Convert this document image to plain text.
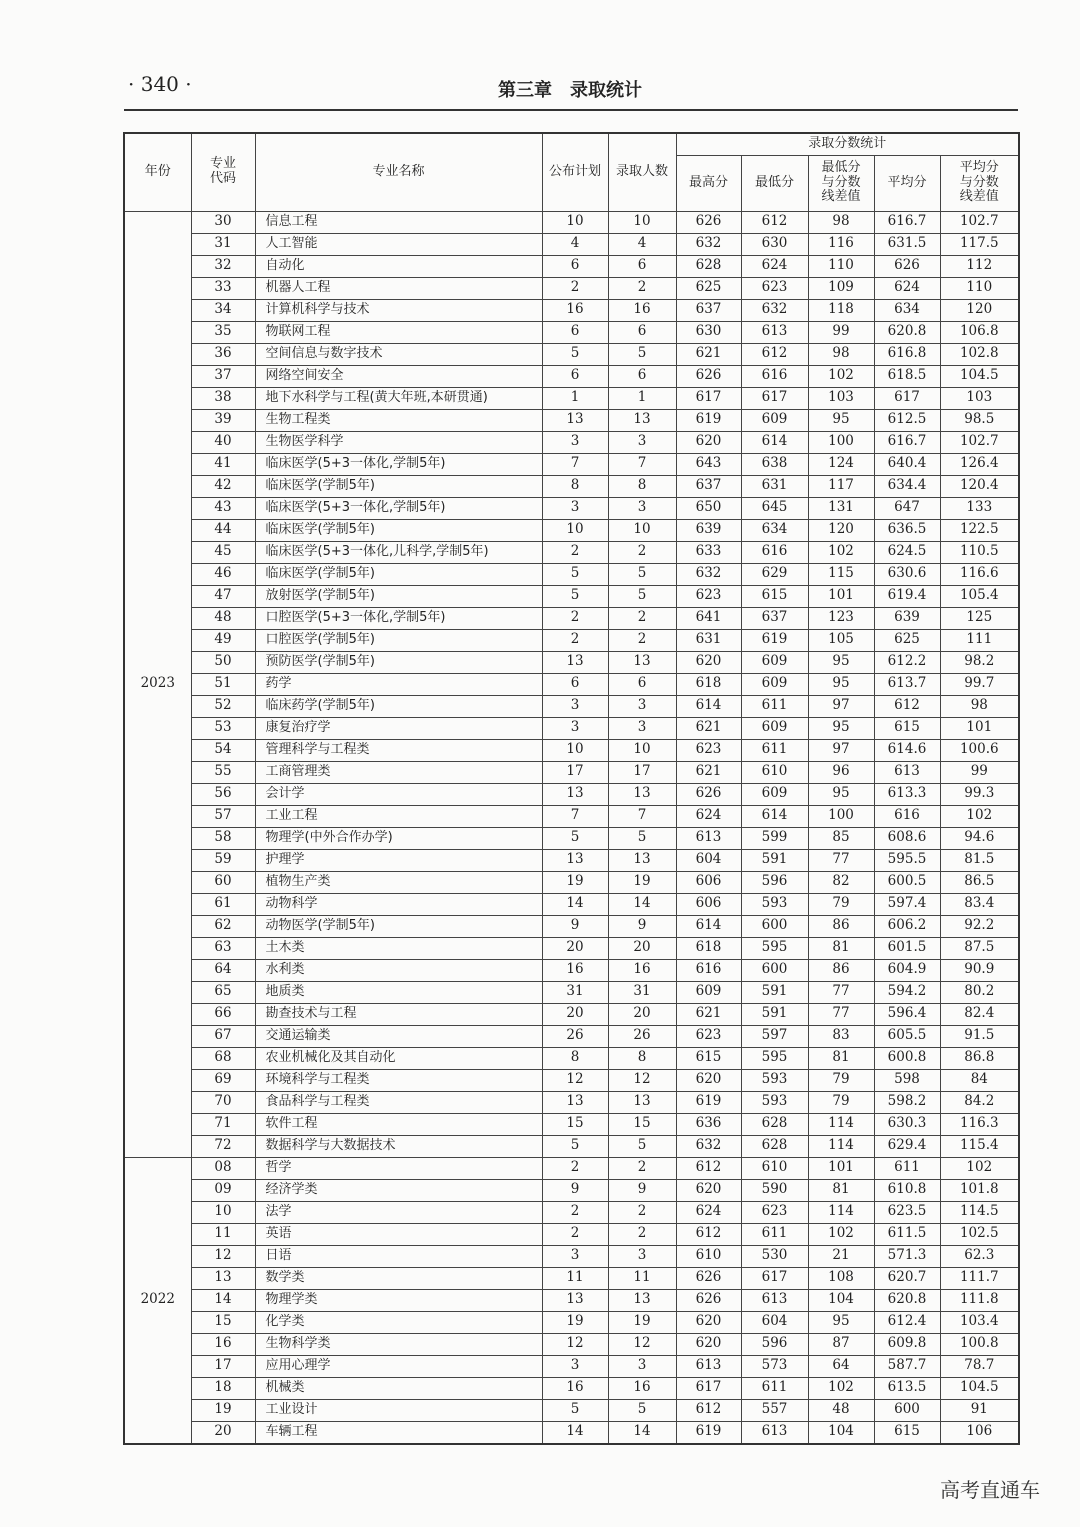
· 340 ·	第三章　录取统计
年份	专业代码	专业名称	公布计划	录取人数	录取分数统计				
					最高分	最低分	最低分与分数线差值	平均分	平均分与分数线差值
2023	30	信息工程	10	10	626	612	98	616.7	102.7
	31	人工智能	4	4	632	630	116	631.5	117.5
	32	自动化	6	6	628	624	110	626	112
	33	机器人工程	2	2	625	623	109	624	110
	34	计算机科学与技术	16	16	637	632	118	634	120
	35	物联网工程	6	6	630	613	99	620.8	106.8
	36	空间信息与数字技术	5	5	621	612	98	616.8	102.8
	37	网络空间安全	6	6	626	616	102	618.5	104.5
	38	地下水科学与工程(黄大年班,本研贯通)	1	1	617	617	103	617	103
	39	生物工程类	13	13	619	609	95	612.5	98.5
	40	生物医学科学	3	3	620	614	100	616.7	102.7
	41	临床医学(5+3一体化,学制5年)	7	7	643	638	124	640.4	126.4
	42	临床医学(学制5年)	8	8	637	631	117	634.4	120.4
	43	临床医学(5+3一体化,学制5年)	3	3	650	645	131	647	133
	44	临床医学(学制5年)	10	10	639	634	120	636.5	122.5
	45	临床医学(5+3一体化,儿科学,学制5年)	2	2	633	616	102	624.5	110.5
	46	临床医学(学制5年)	5	5	632	629	115	630.6	116.6
	47	放射医学(学制5年)	5	5	623	615	101	619.4	105.4
	48	口腔医学(5+3一体化,学制5年)	2	2	641	637	123	639	125
	49	口腔医学(学制5年)	2	2	631	619	105	625	111
	50	预防医学(学制5年)	13	13	620	609	95	612.2	98.2
	51	药学	6	6	618	609	95	613.7	99.7
	52	临床药学(学制5年)	3	3	614	611	97	612	98
	53	康复治疗学	3	3	621	609	95	615	101
	54	管理科学与工程类	10	10	623	611	97	614.6	100.6
	55	工商管理类	17	17	621	610	96	613	99
	56	会计学	13	13	626	609	95	613.3	99.3
	57	工业工程	7	7	624	614	100	616	102
	58	物理学(中外合作办学)	5	5	613	599	85	608.6	94.6
	59	护理学	13	13	604	591	77	595.5	81.5
	60	植物生产类	19	19	606	596	82	600.5	86.5
	61	动物科学	14	14	606	593	79	597.4	83.4
	62	动物医学(学制5年)	9	9	614	600	86	606.2	92.2
	63	土木类	20	20	618	595	81	601.5	87.5
	64	水利类	16	16	616	600	86	604.9	90.9
	65	地质类	31	31	609	591	77	594.2	80.2
	66	勘查技术与工程	20	20	621	591	77	596.4	82.4
	67	交通运输类	26	26	623	597	83	605.5	91.5
	68	农业机械化及其自动化	8	8	615	595	81	600.8	86.8
	69	环境科学与工程类	12	12	620	593	79	598	84
	70	食品科学与工程类	13	13	619	593	79	598.2	84.2
	71	软件工程	15	15	636	628	114	630.3	116.3
	72	数据科学与大数据技术	5	5	632	628	114	629.4	115.4
2022	08	哲学	2	2	612	610	101	611	102
	09	经济学类	9	9	620	590	81	610.8	101.8
	10	法学	2	2	624	623	114	623.5	114.5
	11	英语	2	2	612	611	102	611.5	102.5
	12	日语	3	3	610	530	21	571.3	62.3
	13	数学类	11	11	626	617	108	620.7	111.7
	14	物理学类	13	13	626	613	104	620.8	111.8
	15	化学类	19	19	620	604	95	612.4	103.4
	16	生物科学类	12	12	620	596	87	609.8	100.8
	17	应用心理学	3	3	613	573	64	587.7	78.7
	18	机械类	16	16	617	611	102	613.5	104.5
	19	工业设计	5	5	612	557	48	600	91
	20	车辆工程	14	14	619	613	104	615	106
高考直通车
